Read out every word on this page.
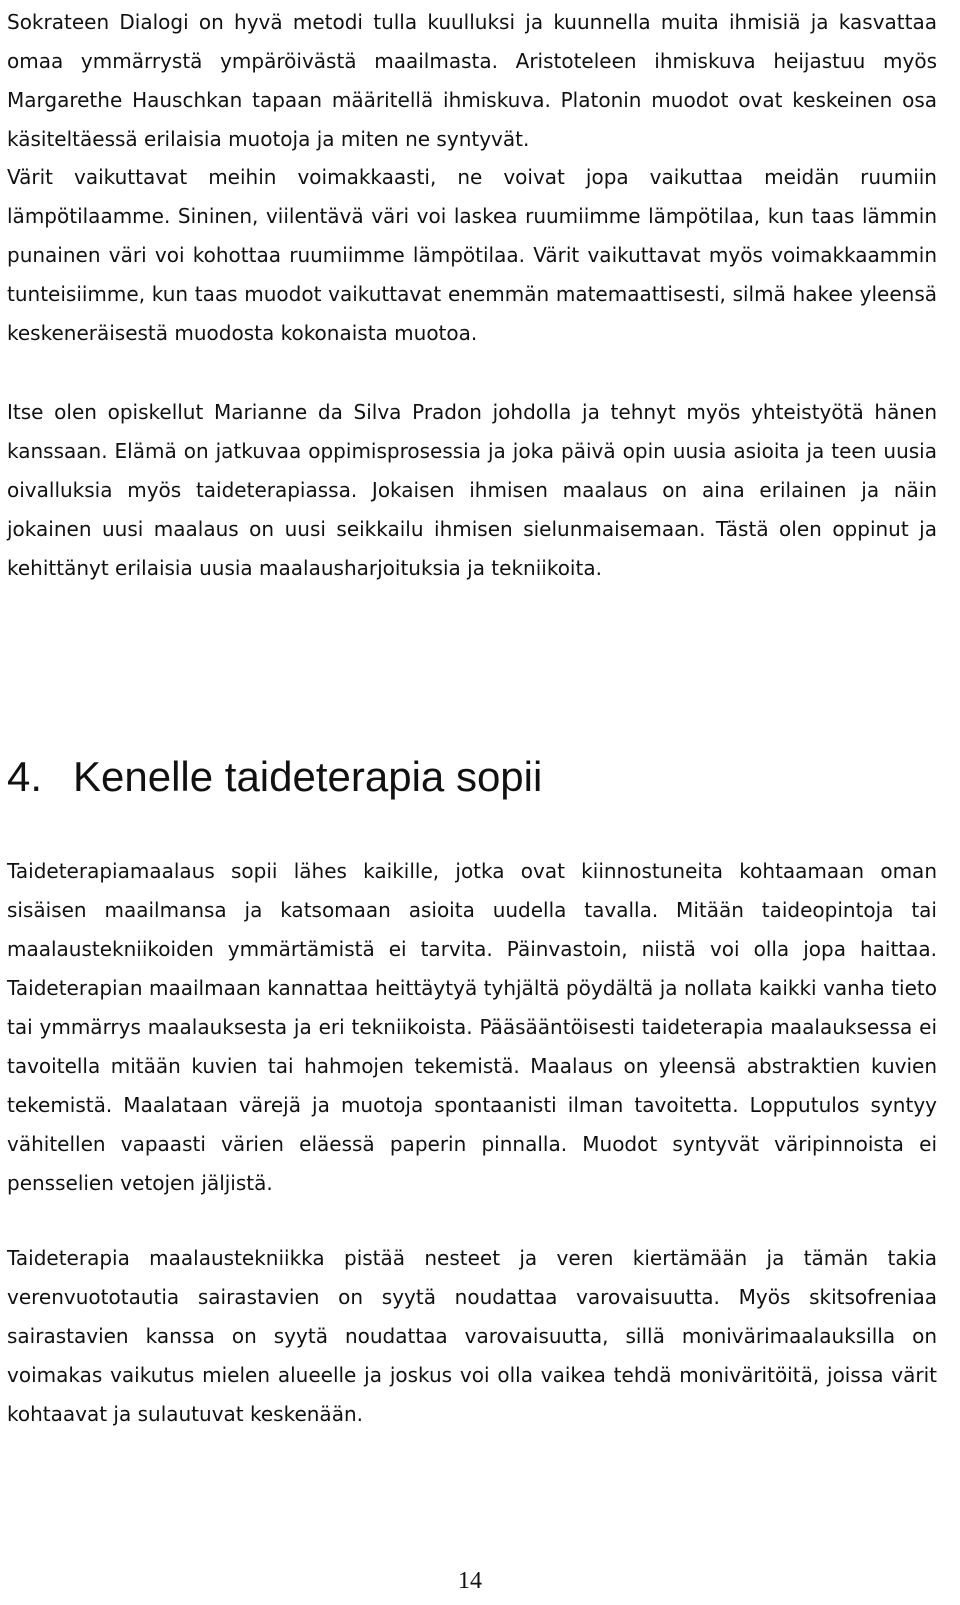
Sokrateen Dialogi on hyvä metodi tulla kuulluksi ja kuunnella muita ihmisiä ja kasvattaa omaa ymmärrystä ympäröivästä maailmasta. Aristoteleen ihmiskuva heijastuu myös Margarethe Hauschkan tapaan määritellä ihmiskuva. Platonin muodot ovat keskeinen osa käsiteltäessä erilaisia muotoja ja miten ne syntyvät.

Värit vaikuttavat meihin voimakkaasti, ne voivat jopa vaikuttaa meidän ruumiin lämpötilaamme. Sininen, viilentävä väri voi laskea ruumiimme lämpötilaa, kun taas lämmin punainen väri voi kohottaa ruumiimme lämpötilaa. Värit vaikuttavat myös voimakkaammin tunteisiimme, kun taas muodot vaikuttavat enemmän matemaattisesti, silmä hakee yleensä keskeneräisestä muodosta kokonaista muotoa.

Itse olen opiskellut Marianne da Silva Pradon johdolla ja tehnyt myös yhteistyötä hänen kanssaan. Elämä on jatkuvaa oppimisprosessia ja joka päivä opin uusia asioita ja teen uusia oivalluksia myös taideterapiassa. Jokaisen ihmisen maalaus on aina erilainen ja näin jokainen uusi maalaus on uusi seikkailu ihmisen sielunmaisemaan. Tästä olen oppinut ja kehittänyt erilaisia uusia maalausharjoituksia ja tekniikoita.

4. Kenelle taideterapia sopii

Taideterapiamaalaus sopii lähes kaikille, jotka ovat kiinnostuneita kohtaamaan oman sisäisen maailmansa ja katsomaan asioita uudella tavalla. Mitään taideopintoja tai maalaustekniikoiden ymmärtämistä ei tarvita. Päinvastoin, niistä voi olla jopa haittaa. Taideterapian maailmaan kannattaa heittäytyä tyhjältä pöydältä ja nollata kaikki vanha tieto tai ymmärrys maalauksesta ja eri tekniikoista. Pääsääntöisesti taideterapia maalauksessa ei tavoitella mitään kuvien tai hahmojen tekemistä. Maalaus on yleensä abstraktien kuvien tekemistä. Maalataan värejä ja muotoja spontaanisti ilman tavoitetta. Lopputulos syntyy vähitellen vapaasti värien eläessä paperin pinnalla. Muodot syntyvät väripinnoista ei pensselien vetojen jäljistä.

Taideterapia maalaustekniikka pistää nesteet ja veren kiertämään ja tämän takia verenvuototautia sairastavien on syytä noudattaa varovaisuutta. Myös skitsofreniaa sairastavien kanssa on syytä noudattaa varovaisuutta, sillä monivärimaalauksilla on voimakas vaikutus mielen alueelle ja joskus voi olla vaikea tehdä moniväritöitä, joissa värit kohtaavat ja sulautuvat keskenään.

14
